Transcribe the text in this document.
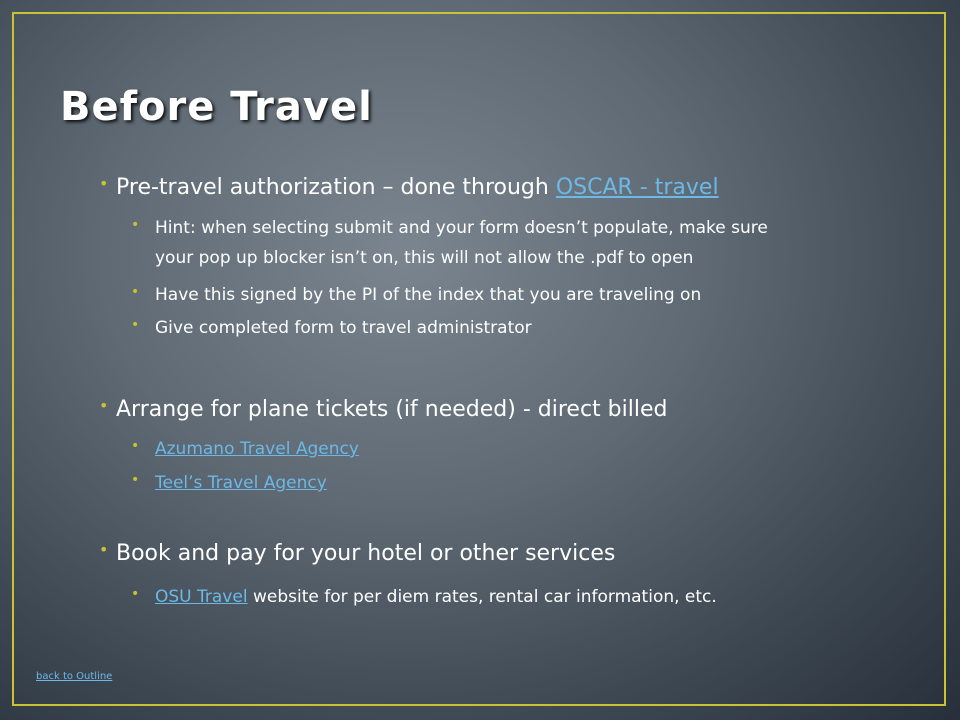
Before Travel
• Pre-travel authorization – done through OSCAR - travel
• Hint: when selecting submit and your form doesn’t populate, make sure
your pop up blocker isn’t on, this will not allow the .pdf to open
• Have this signed by the PI of the index that you are traveling on
• Give completed form to travel administrator
• Arrange for plane tickets (if needed) - direct billed
• Azumano Travel Agency
• Teel’s Travel Agency
• Book and pay for your hotel or other services
• OSU Travel website for per diem rates, rental car information, etc.
back to Outline
